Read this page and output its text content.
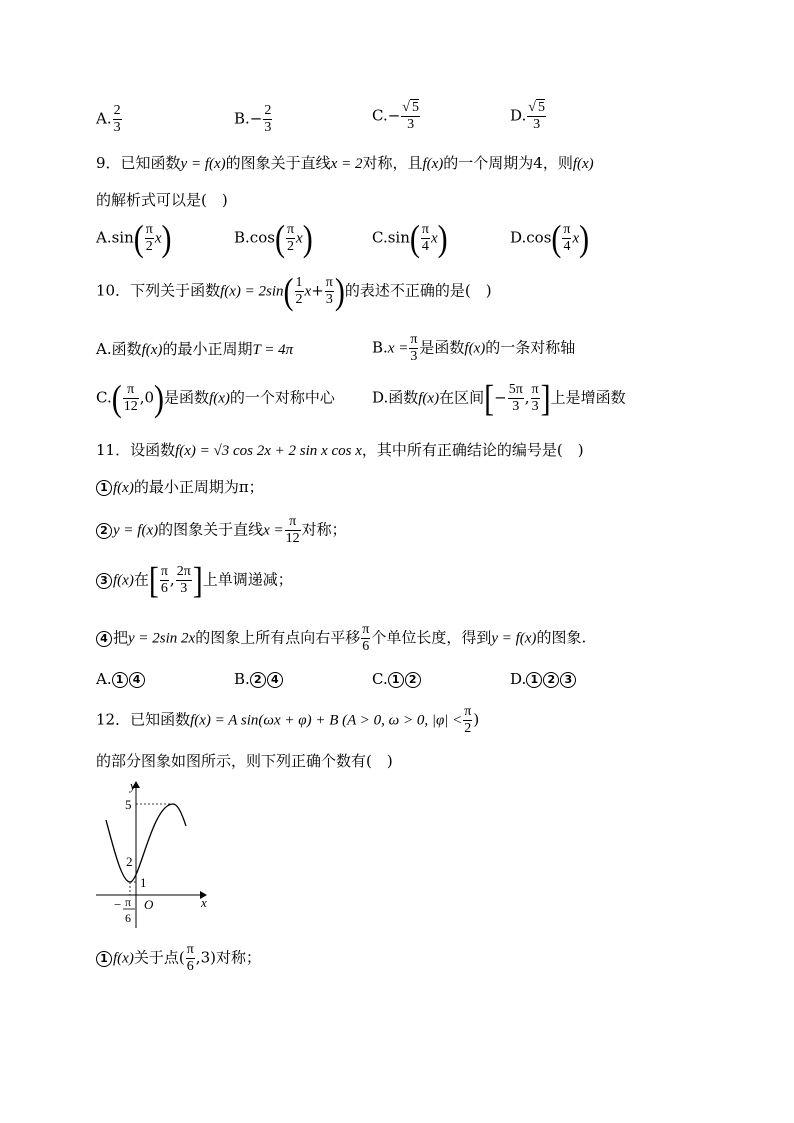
A. $\frac{2}{3}$	$B.- \frac{2}{3}$	$C.- \frac{√ 5}{3}$	D. $\frac{√ 5}{3}$
9．已知函数y = f(x)的图象关于直线x = 2对称，且f(x)的一个周期为4，则f(x)
的解析式可以是(　)
$A.\sin( \frac{\pi}{2} x)$	$B.\cos( \frac{\pi}{2} x)$	$C.\sin( \frac{\pi}{4} x)$	$D.\cos( \frac{\pi}{4} x)$
10．下列关于函数$f(x) = 2\sin( \frac{1}{2} x+ \frac{\pi}{3}$ )的表述不正确的是(　)
A.函数f(x)的最小正周期T = 4π	$B.x = \frac{\pi}{3}$ 是函数f(x)的一条对称轴
$C.( \frac{\pi}{12} ,0)$是函数f(x)的一个对称中心 D.函数f(x)在区间[− $\frac{5\pi}{3}$ , $\frac{\pi}{3}$ ]上是增函数
11．设函数f(x) = √3 cos 2x + 2 sin x cos x，其中所有正确结论的编号是(　)
1 f(x)的最小正周期为π；
2 y = f(x)的图象关于直线$x = \frac{\pi}{12}$ 对称；
3 f(x)在[ $\frac{\pi}{6}$ , $\frac{2\pi}{3}$ ]上单调递减；
4 把y = 2sin 2x的图象上所有点向右平移 $\frac{\pi}{6}$ 个单位长度，得到y = f(x)的图象.
A. 1 4	B. 2 4	C. 1 2	D. 1 2 3
12．已知函数f(x) = A sin(ωx + φ) + B (A > 0, ω > 0, $|\varphi| < \frac{\pi}{2}$ )
的部分图象如图所示，则下列正确个数有(　)
y
x
O
5
2
1
− π
6
1 f(x)关于点( $\frac{\pi}{6} ,3$)对称；
